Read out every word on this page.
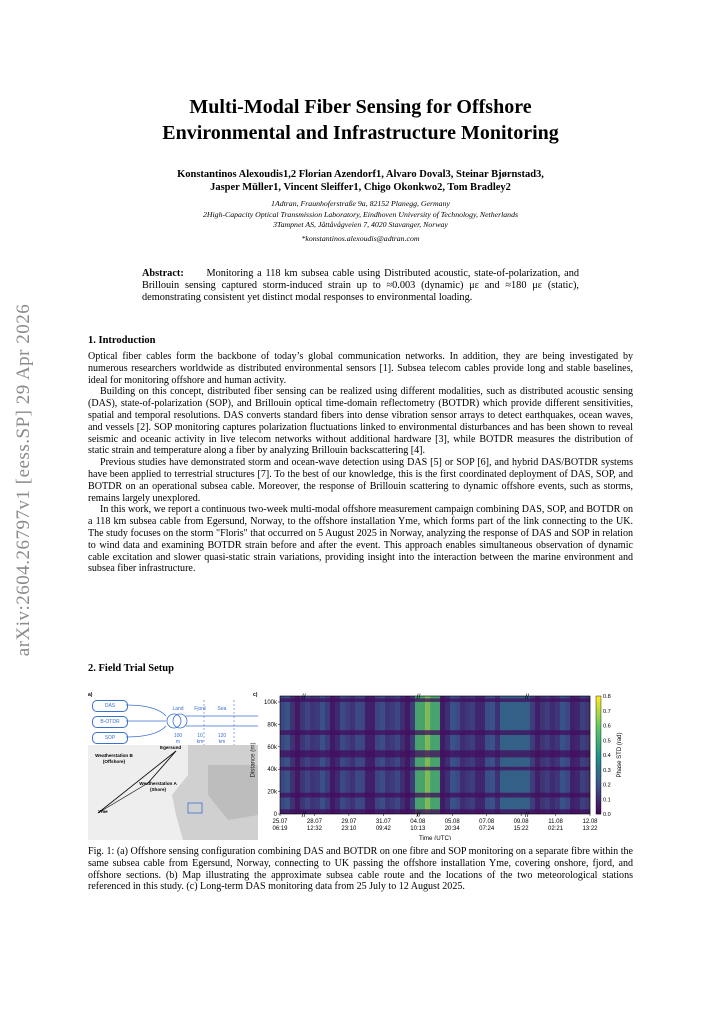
arXiv:2604.26797v1 [eess.SP] 29 Apr 2026
Multi-Modal Fiber Sensing for Offshore
Environmental and Infrastructure Monitoring
Konstantinos Alexoudis1,2 Florian Azendorf1, Alvaro Doval3, Steinar Bjørnstad3,
Jasper Müller1, Vincent Sleiffer1, Chigo Okonkwo2, Tom Bradley2
1Adtran, Fraunhoferstraße 9a, 82152 Planegg, Germany
2High-Capacity Optical Transmission Laboratory, Eindhoven University of Technology, Netherlands
3Tampnet AS, Jåttåvågveien 7, 4020 Stavanger, Norway
*konstantinos.alexoudis@adtran.com
Abstract: Monitoring a 118 km subsea cable using Distributed acoustic, state-of-polarization, and Brillouin sensing captured storm-induced strain up to ≈0.003 (dynamic) με and ≈180 με (static), demonstrating consistent yet distinct modal responses to environmental loading.
1. Introduction

Optical fiber cables form the backbone of today’s global communication networks. In addition, they are being investigated by numerous researchers worldwide as distributed environmental sensors [1]. Subsea telecom cables provide long and stable baselines, ideal for monitoring offshore and human activity.

Building on this concept, distributed fiber sensing can be realized using different modalities, such as distributed acoustic sensing (DAS), state-of-polarization (SOP), and Brillouin optical time-domain reflectometry (BOTDR) which provide different sensitivities, spatial and temporal resolutions. DAS converts standard fibers into dense vibration sensor arrays to detect earthquakes, ocean waves, and vessels [2]. SOP monitoring captures polarization fluctuations linked to environmental disturbances and has been shown to reveal seismic and oceanic activity in live telecom networks without additional hardware [3], while BOTDR measures the distribution of static strain and temperature along a fiber by analyzing Brillouin backscattering [4].

Previous studies have demonstrated storm and ocean-wave detection using DAS [5] or SOP [6], and hybrid DAS/BOTDR systems have been applied to terrestrial structures [7]. To the best of our knowledge, this is the first coordinated deployment of DAS, SOP, and BOTDR on an operational subsea cable. Moreover, the response of Brillouin scattering to dynamic offshore events, such as storms, remains largely unexplored.

In this work, we report a continuous two-week multi-modal offshore measurement campaign combining DAS, SOP, and BOTDR on a 118 km subsea cable from Egersund, Norway, to the offshore installation Yme, which forms part of the link connecting to the UK. The study focuses on the storm "Floris" that occurred on 5 August 2025 in Norway, analyzing the response of DAS and SOP in relation to wind data and examining BOTDR strain before and after the event. This approach enables simultaneous observation of dynamic cable excitation and slower quasi-static strain variations, providing insight into the interaction between the marine environment and subsea fiber infrastructure.

2. Field Trial Setup
a)
DAS
B-OTDR
SOP
Land	Fjord	Sea
100
m
10
km
120
km
Egersund
Weatherstation B
(Offshore)
Weatherstation A
(Shore)
Yme
c)
Distance (m)
//
//
//
//
//
//
100k
80k
60k
40k
20k
0
25.07 06:19
28.07 12:32
29.07 23:10
31.07 09:42
04.08 10:13
05.08 20:34
07.08 07:24
09.08 15:22
11.08 02:21
12.08 13:22
Time (UTC)
0.8
0.7
0.6
0.5
0.4
0.3
0.2
0.1
0.0
Phase STD (rad)
Fig. 1: (a) Offshore sensing configuration combining DAS and BOTDR on one fibre and SOP monitoring on a separate fibre within the same subsea cable from Egersund, Norway, connecting to UK passing the offshore installation Yme, covering onshore, fjord, and offshore sections. (b) Map illustrating the approximate subsea cable route and the locations of the two meteorological stations referenced in this study. (c) Long-term DAS monitoring data from 25 July to 12 August 2025.
